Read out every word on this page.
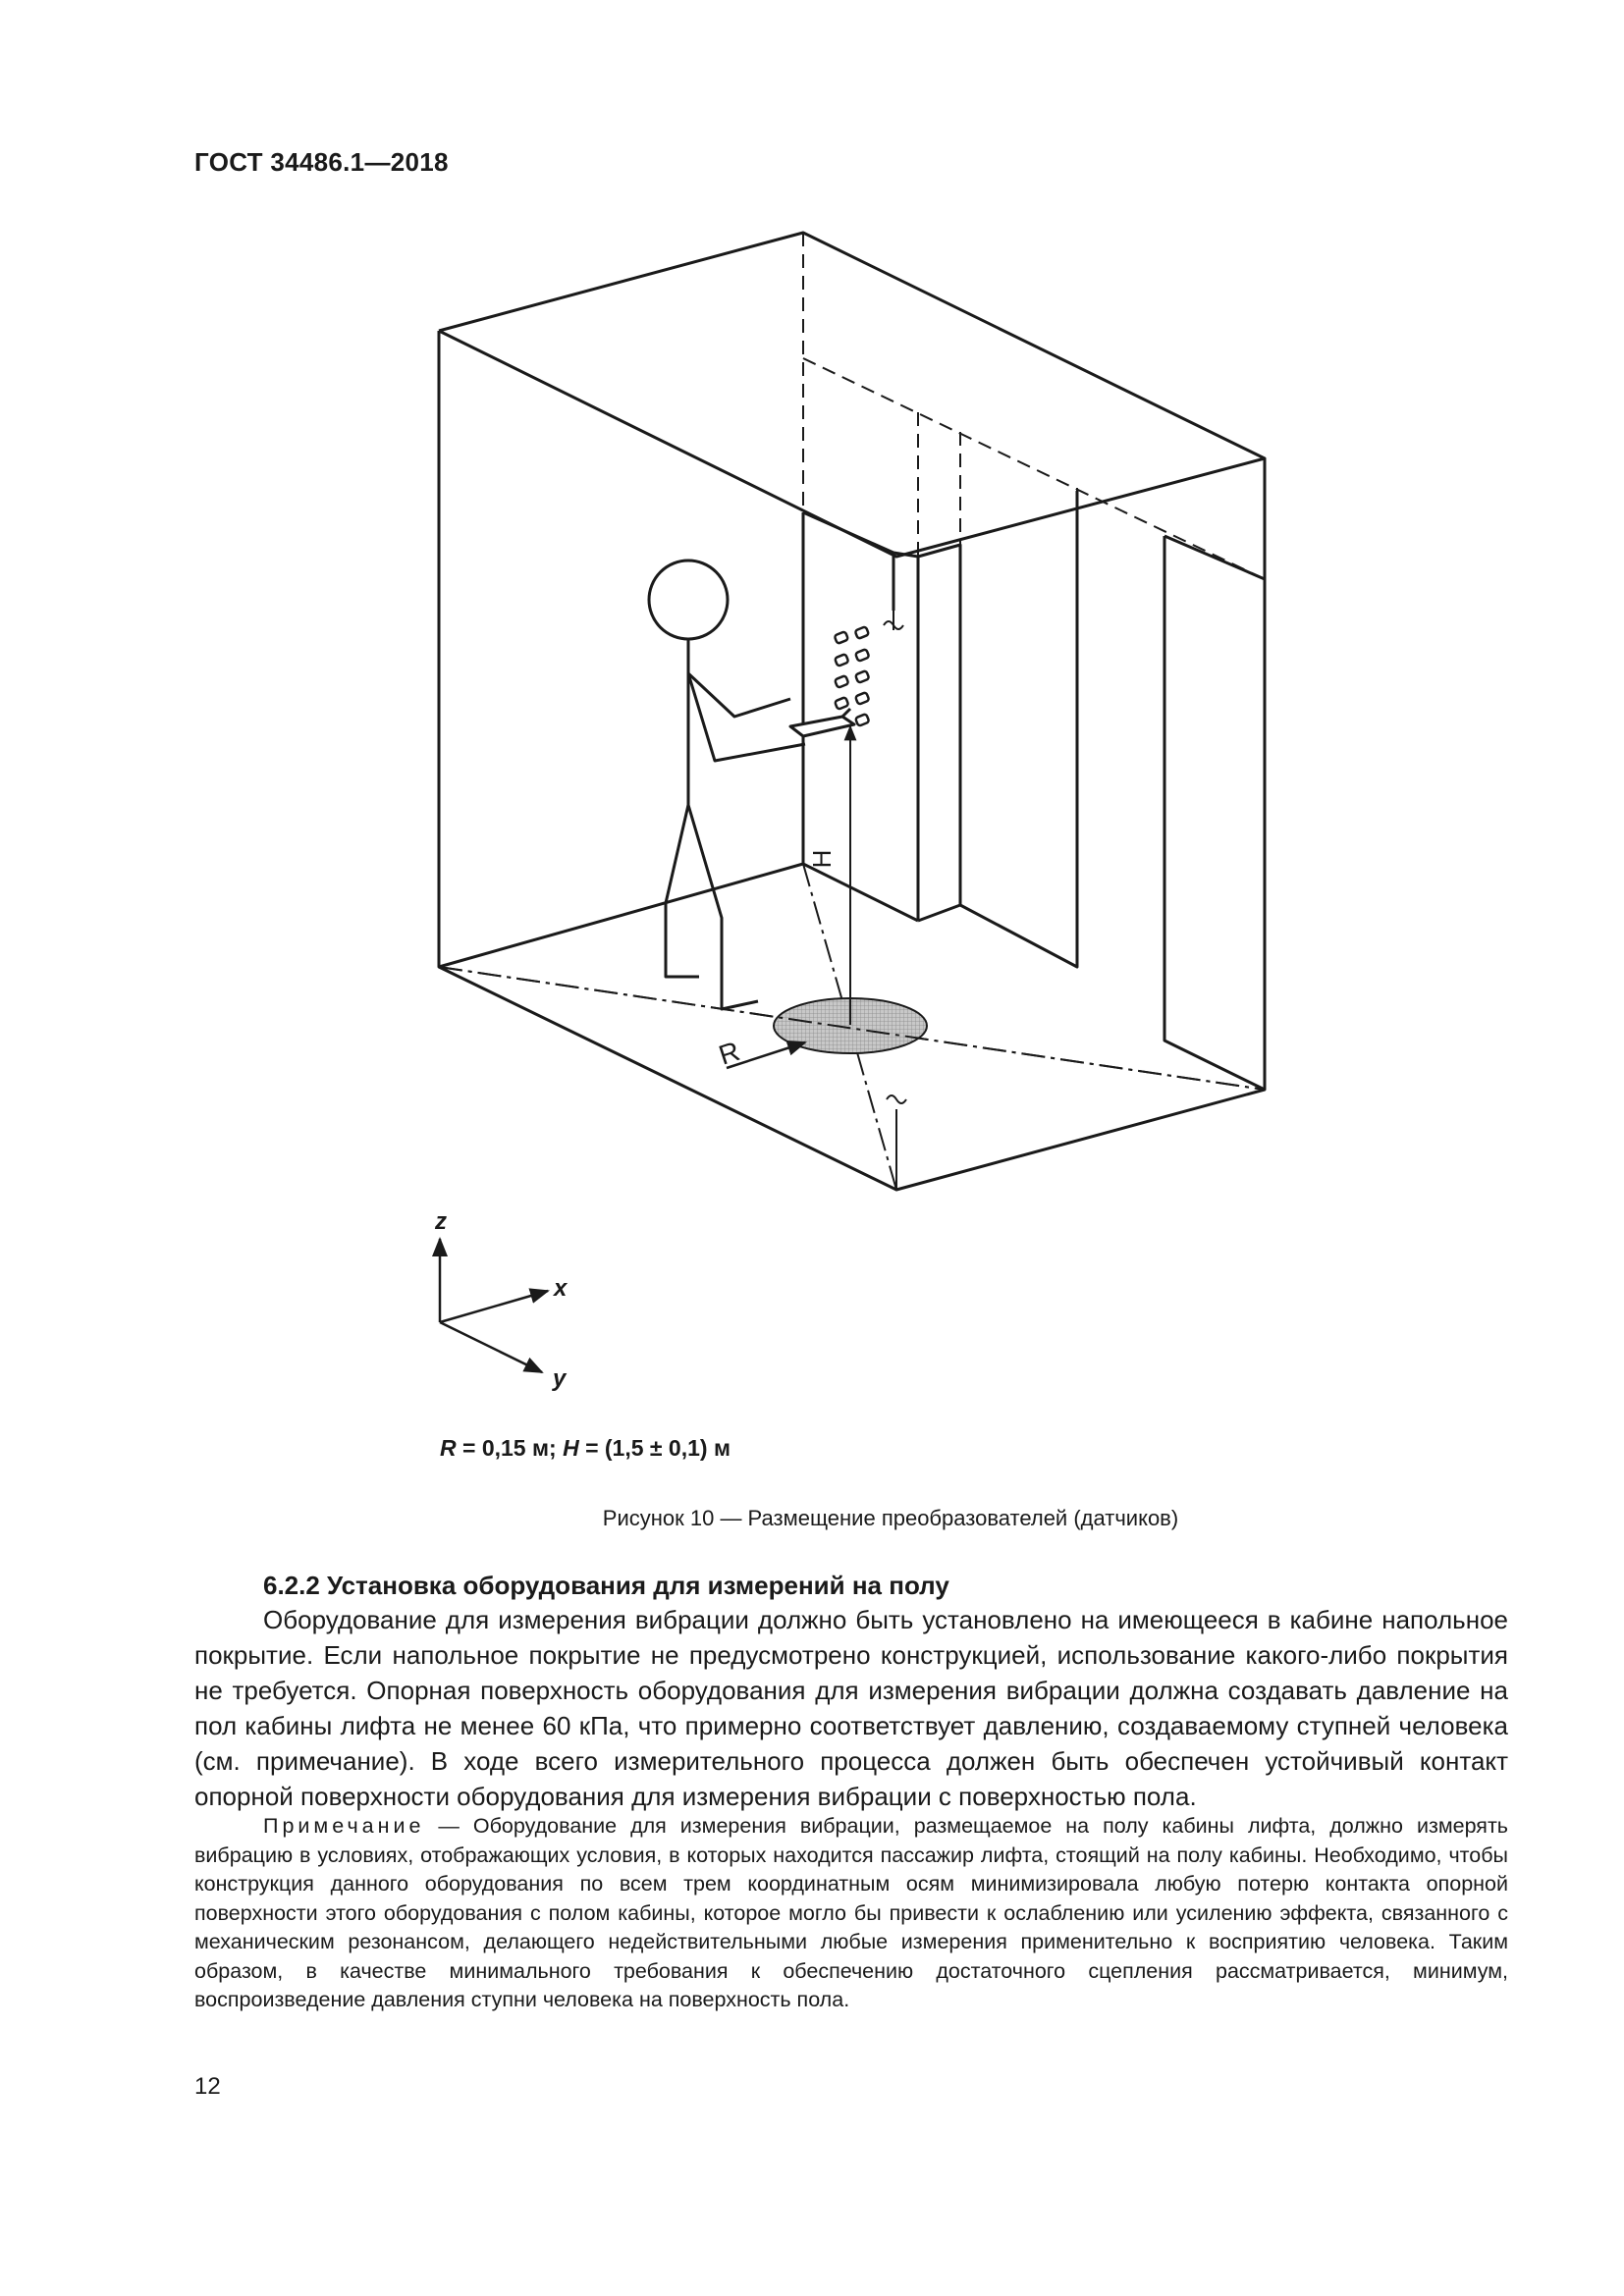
ГОСТ 34486.1—2018
H
R
z
x
y
R = 0,15 м; H = (1,5 ± 0,1) м
Рисунок 10 — Размещение преобразователей (датчиков)
6.2.2 Установка оборудования для измерений на полу

Оборудование для измерения вибрации должно быть установлено на имеющееся в кабине напольное покрытие. Если напольное покрытие не предусмотрено конструкцией, использование какого-либо покрытия не требуется. Опорная поверхность оборудования для измерения вибрации должна создавать давление на пол кабины лифта не менее 60 кПа, что примерно соответствует давлению, создаваемому ступней человека (см. примечание). В ходе всего измерительного процесса должен быть обеспечен устойчивый контакт опорной поверхности оборудования для измерения вибрации с поверхностью пола.

Примечание — Оборудование для измерения вибрации, размещаемое на полу кабины лифта, должно измерять вибрацию в условиях, отображающих условия, в которых находится пассажир лифта, стоящий на полу кабины. Необходимо, чтобы конструкция данного оборудования по всем трем координатным осям минимизировала любую потерю контакта опорной поверхности этого оборудования с полом кабины, которое могло бы привести к ослаблению или усилению эффекта, связанного с механическим резонансом, делающего недействительными любые измерения применительно к восприятию человека. Таким образом, в качестве минимального требования к обеспечению достаточного сцепления рассматривается, минимум, воспроизведение давления ступни человека на поверхность пола.
12
